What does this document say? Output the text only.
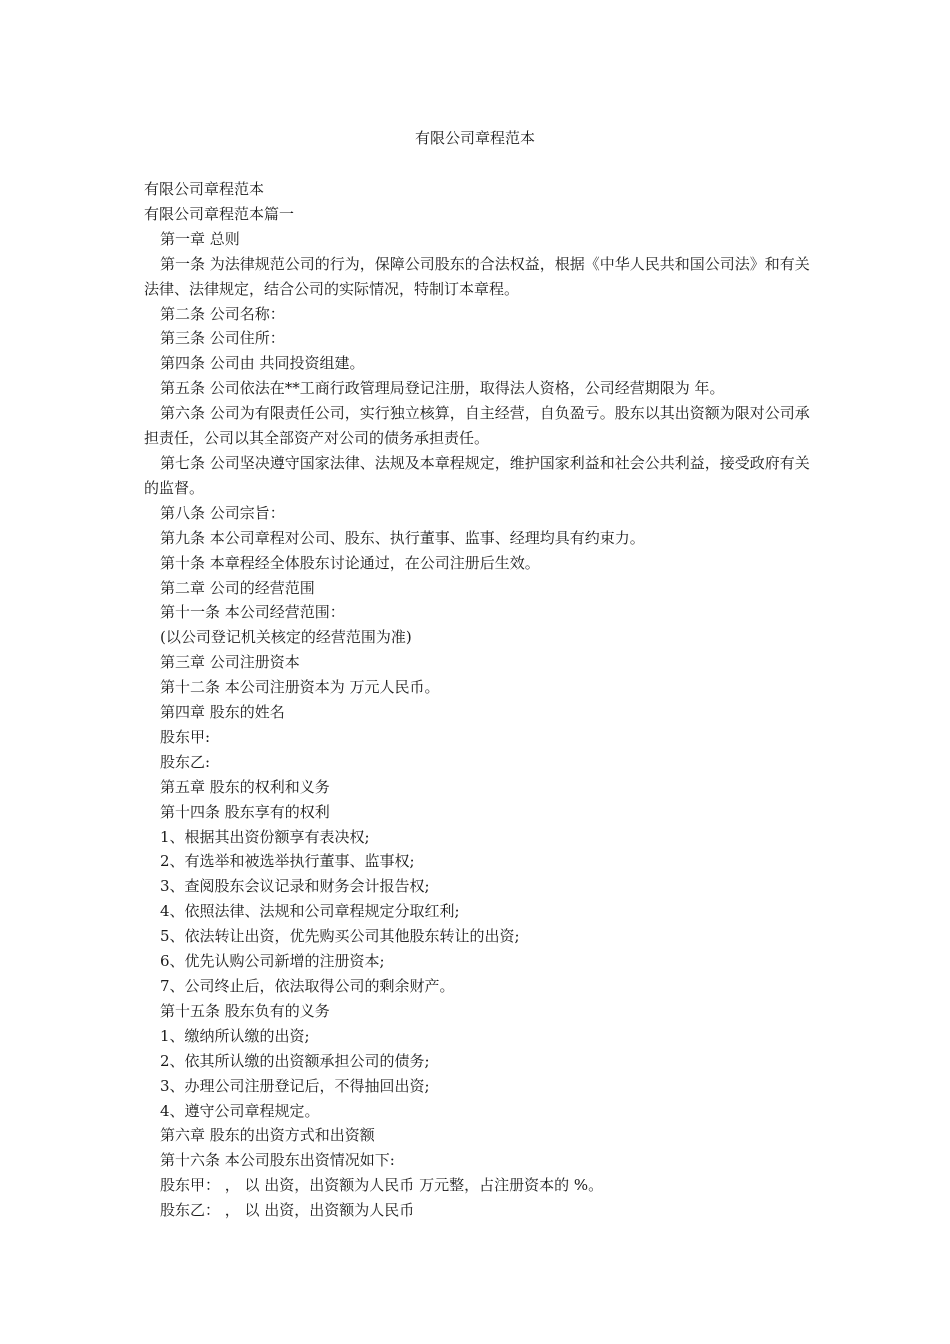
有限公司章程范本

有限公司章程范本

有限公司章程范本篇一

第一章 总则

第一条 为法律规范公司的行为，保障公司股东的合法权益，根据《中华人民共和国公司法》和有关法律、法律规定，结合公司的实际情况，特制订本章程。

第二条 公司名称：

第三条 公司住所：

第四条 公司由 共同投资组建。

第五条 公司依法在**工商行政管理局登记注册，取得法人资格，公司经营期限为 年。

第六条 公司为有限责任公司，实行独立核算，自主经营，自负盈亏。股东以其出资额为限对公司承担责任，公司以其全部资产对公司的债务承担责任。

第七条 公司坚决遵守国家法律、法规及本章程规定，维护国家利益和社会公共利益，接受政府有关的监督。

第八条 公司宗旨：

第九条 本公司章程对公司、股东、执行董事、监事、经理均具有约束力。

第十条 本章程经全体股东讨论通过，在公司注册后生效。

第二章 公司的经营范围

第十一条 本公司经营范围：

(以公司登记机关核定的经营范围为准)

第三章 公司注册资本

第十二条 本公司注册资本为 万元人民币。

第四章 股东的姓名

股东甲:

股东乙:

第五章 股东的权利和义务

第十四条 股东享有的权利

1、根据其出资份额享有表决权;

2、有选举和被选举执行董事、监事权;

3、查阅股东会议记录和财务会计报告权;

4、依照法律、法规和公司章程规定分取红利;

5、依法转让出资，优先购买公司其他股东转让的出资;

6、优先认购公司新增的注册资本;

7、公司终止后，依法取得公司的剩余财产。

第十五条 股东负有的义务

1、缴纳所认缴的出资;

2、依其所认缴的出资额承担公司的债务;

3、办理公司注册登记后，不得抽回出资;

4、遵守公司章程规定。

第六章 股东的出资方式和出资额

第十六条 本公司股东出资情况如下:

股东甲： ， 以 出资，出资额为人民币 万元整，占注册资本的 %。

股东乙： ， 以 出资，出资额为人民币
